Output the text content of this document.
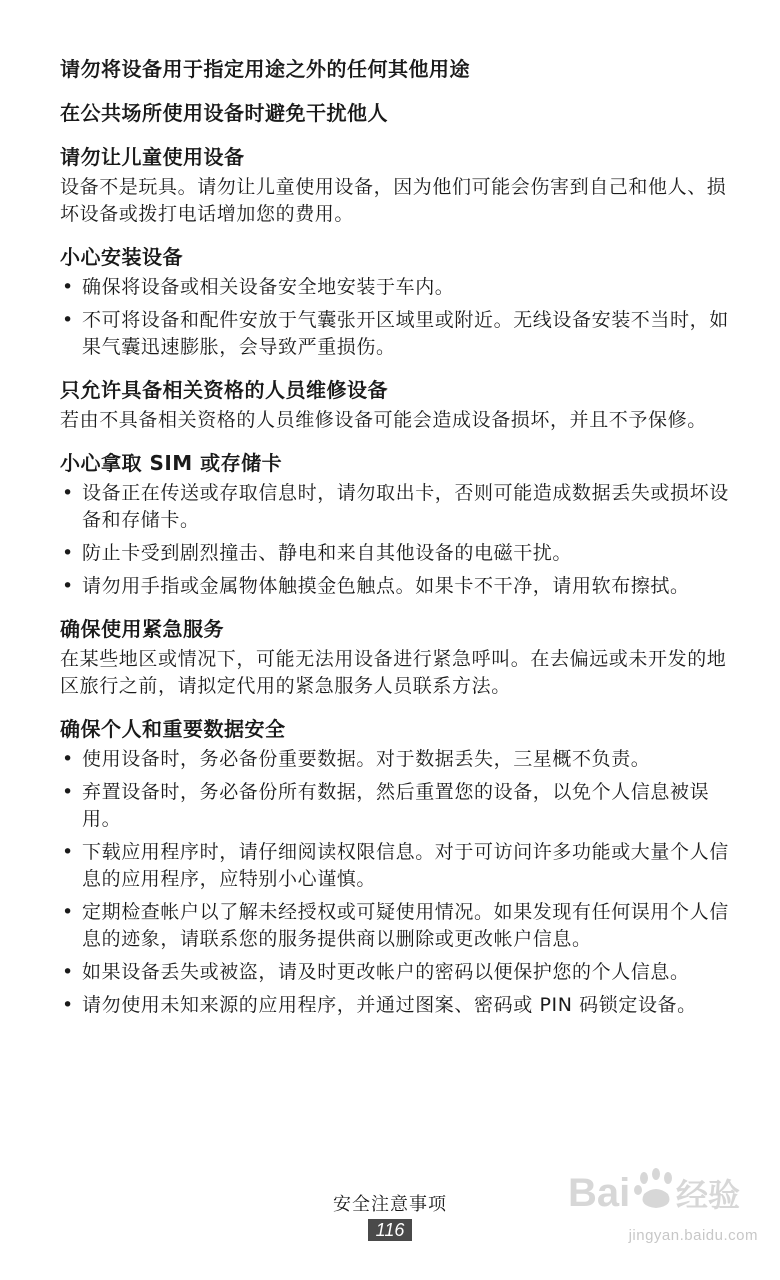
请勿将设备用于指定用途之外的任何其他用途

在公共场所使用设备时避免干扰他人

请勿让儿童使用设备

设备不是玩具。请勿让儿童使用设备，因为他们可能会伤害到自己和他人、损坏设备或拨打电话增加您的费用。

小心安装设备
• 确保将设备或相关设备安全地安装于车内。
• 不可将设备和配件安放于气囊张开区域里或附近。无线设备安装不当时，如果气囊迅速膨胀，会导致严重损伤。
只允许具备相关资格的人员维修设备

若由不具备相关资格的人员维修设备可能会造成设备损坏，并且不予保修。

小心拿取 SIM 或存储卡
• 设备正在传送或存取信息时，请勿取出卡，否则可能造成数据丢失或损坏设备和存储卡。
• 防止卡受到剧烈撞击、静电和来自其他设备的电磁干扰。
• 请勿用手指或金属物体触摸金色触点。如果卡不干净，请用软布擦拭。
确保使用紧急服务

在某些地区或情况下，可能无法用设备进行紧急呼叫。在去偏远或未开发的地区旅行之前，请拟定代用的紧急服务人员联系方法。

确保个人和重要数据安全
• 使用设备时，务必备份重要数据。对于数据丢失，三星概不负责。
• 弃置设备时，务必备份所有数据，然后重置您的设备，以免个人信息被误用。
• 下载应用程序时，请仔细阅读权限信息。对于可访问许多功能或大量个人信息的应用程序，应特别小心谨慎。
• 定期检查帐户以了解未经授权或可疑使用情况。如果发现有任何误用个人信息的迹象，请联系您的服务提供商以删除或更改帐户信息。
• 如果设备丢失或被盗，请及时更改帐户的密码以便保护您的个人信息。
• 请勿使用未知来源的应用程序，并通过图案、密码或 PIN 码锁定设备。
安全注意事项
116
Bai 经验
jingyan.baidu.com
